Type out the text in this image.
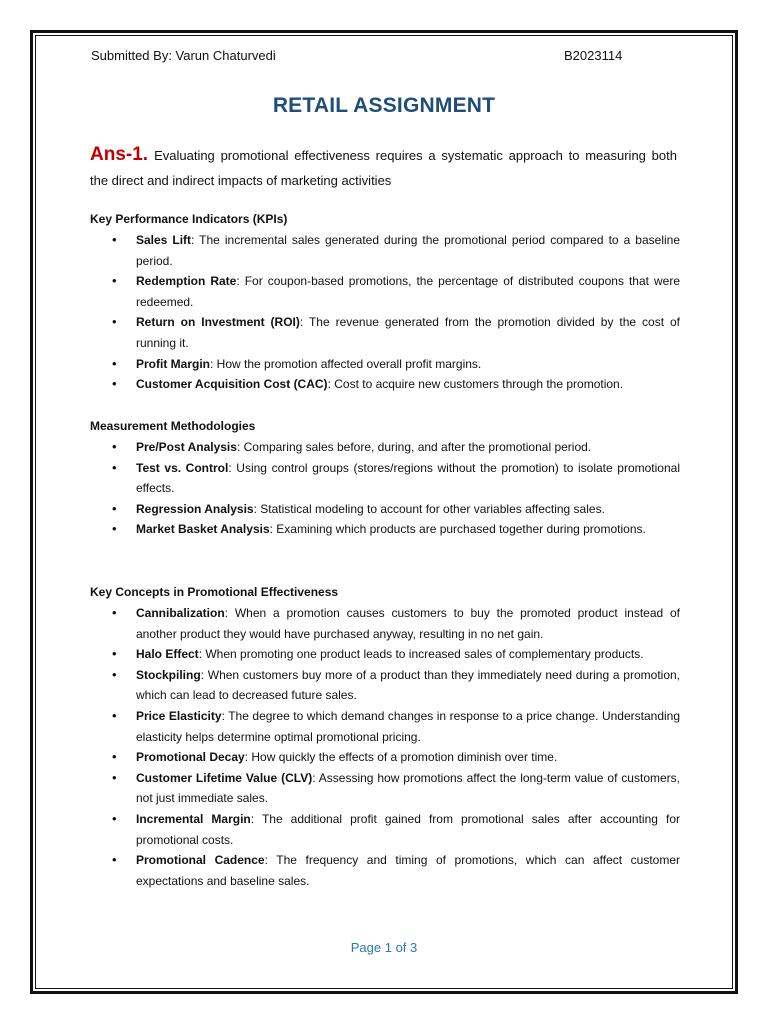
Submitted By: Varun Chaturvedi	B2023114
RETAIL ASSIGNMENT
Ans-1. Evaluating promotional effectiveness requires a systematic approach to measuring both the direct and indirect impacts of marketing activities
Key Performance Indicators (KPIs)
• Sales Lift: The incremental sales generated during the promotional period compared to a baseline period.
• Redemption Rate: For coupon-based promotions, the percentage of distributed coupons that were redeemed.
• Return on Investment (ROI): The revenue generated from the promotion divided by the cost of running it.
• Profit Margin: How the promotion affected overall profit margins.
• Customer Acquisition Cost (CAC): Cost to acquire new customers through the promotion.
Measurement Methodologies
• Pre/Post Analysis: Comparing sales before, during, and after the promotional period.
• Test vs. Control: Using control groups (stores/regions without the promotion) to isolate promotional effects.
• Regression Analysis: Statistical modeling to account for other variables affecting sales.
• Market Basket Analysis: Examining which products are purchased together during promotions.
Key Concepts in Promotional Effectiveness
• Cannibalization: When a promotion causes customers to buy the promoted product instead of another product they would have purchased anyway, resulting in no net gain.
• Halo Effect: When promoting one product leads to increased sales of complementary products.
• Stockpiling: When customers buy more of a product than they immediately need during a promotion, which can lead to decreased future sales.
• Price Elasticity: The degree to which demand changes in response to a price change. Understanding elasticity helps determine optimal promotional pricing.
• Promotional Decay: How quickly the effects of a promotion diminish over time.
• Customer Lifetime Value (CLV): Assessing how promotions affect the long-term value of customers, not just immediate sales.
• Incremental Margin: The additional profit gained from promotional sales after accounting for promotional costs.
• Promotional Cadence: The frequency and timing of promotions, which can affect customer expectations and baseline sales.
Page 1 of 3
